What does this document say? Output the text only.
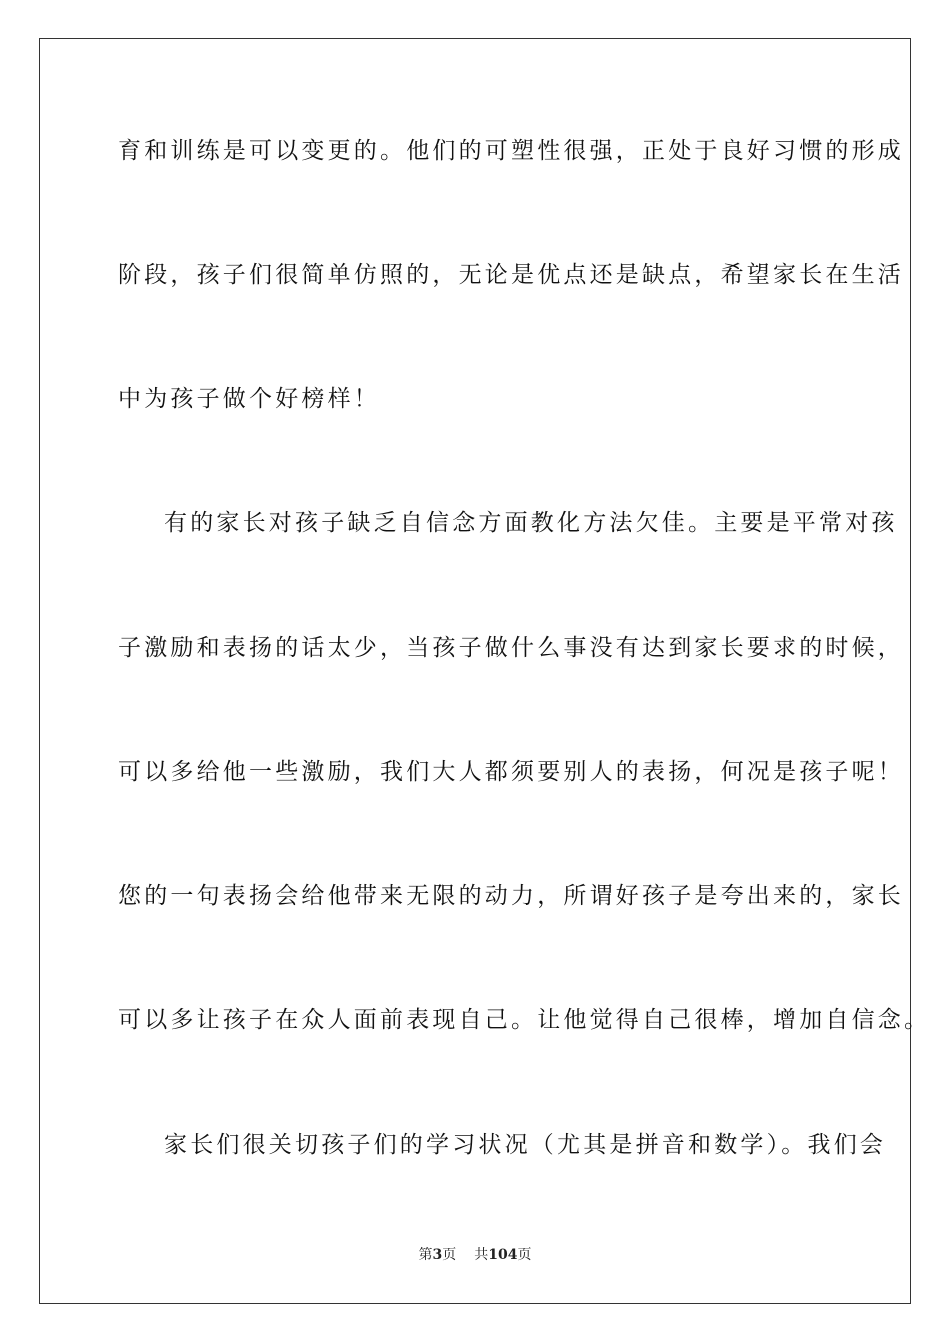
育和训练是可以变更的。他们的可塑性很强，正处于良好习惯的形成
阶段，孩子们很简单仿照的，无论是优点还是缺点，希望家长在生活
中为孩子做个好榜样！
有的家长对孩子缺乏自信念方面教化方法欠佳。主要是平常对孩
子激励和表扬的话太少，当孩子做什么事没有达到家长要求的时候，
可以多给他一些激励，我们大人都须要别人的表扬，何况是孩子呢！
您的一句表扬会给他带来无限的动力，所谓好孩子是夸出来的，家长
可以多让孩子在众人面前表现自己。让他觉得自己很棒，增加自信念。
家长们很关切孩子们的学习状况（尤其是拼音和数学）。我们会
第3页 共104页
